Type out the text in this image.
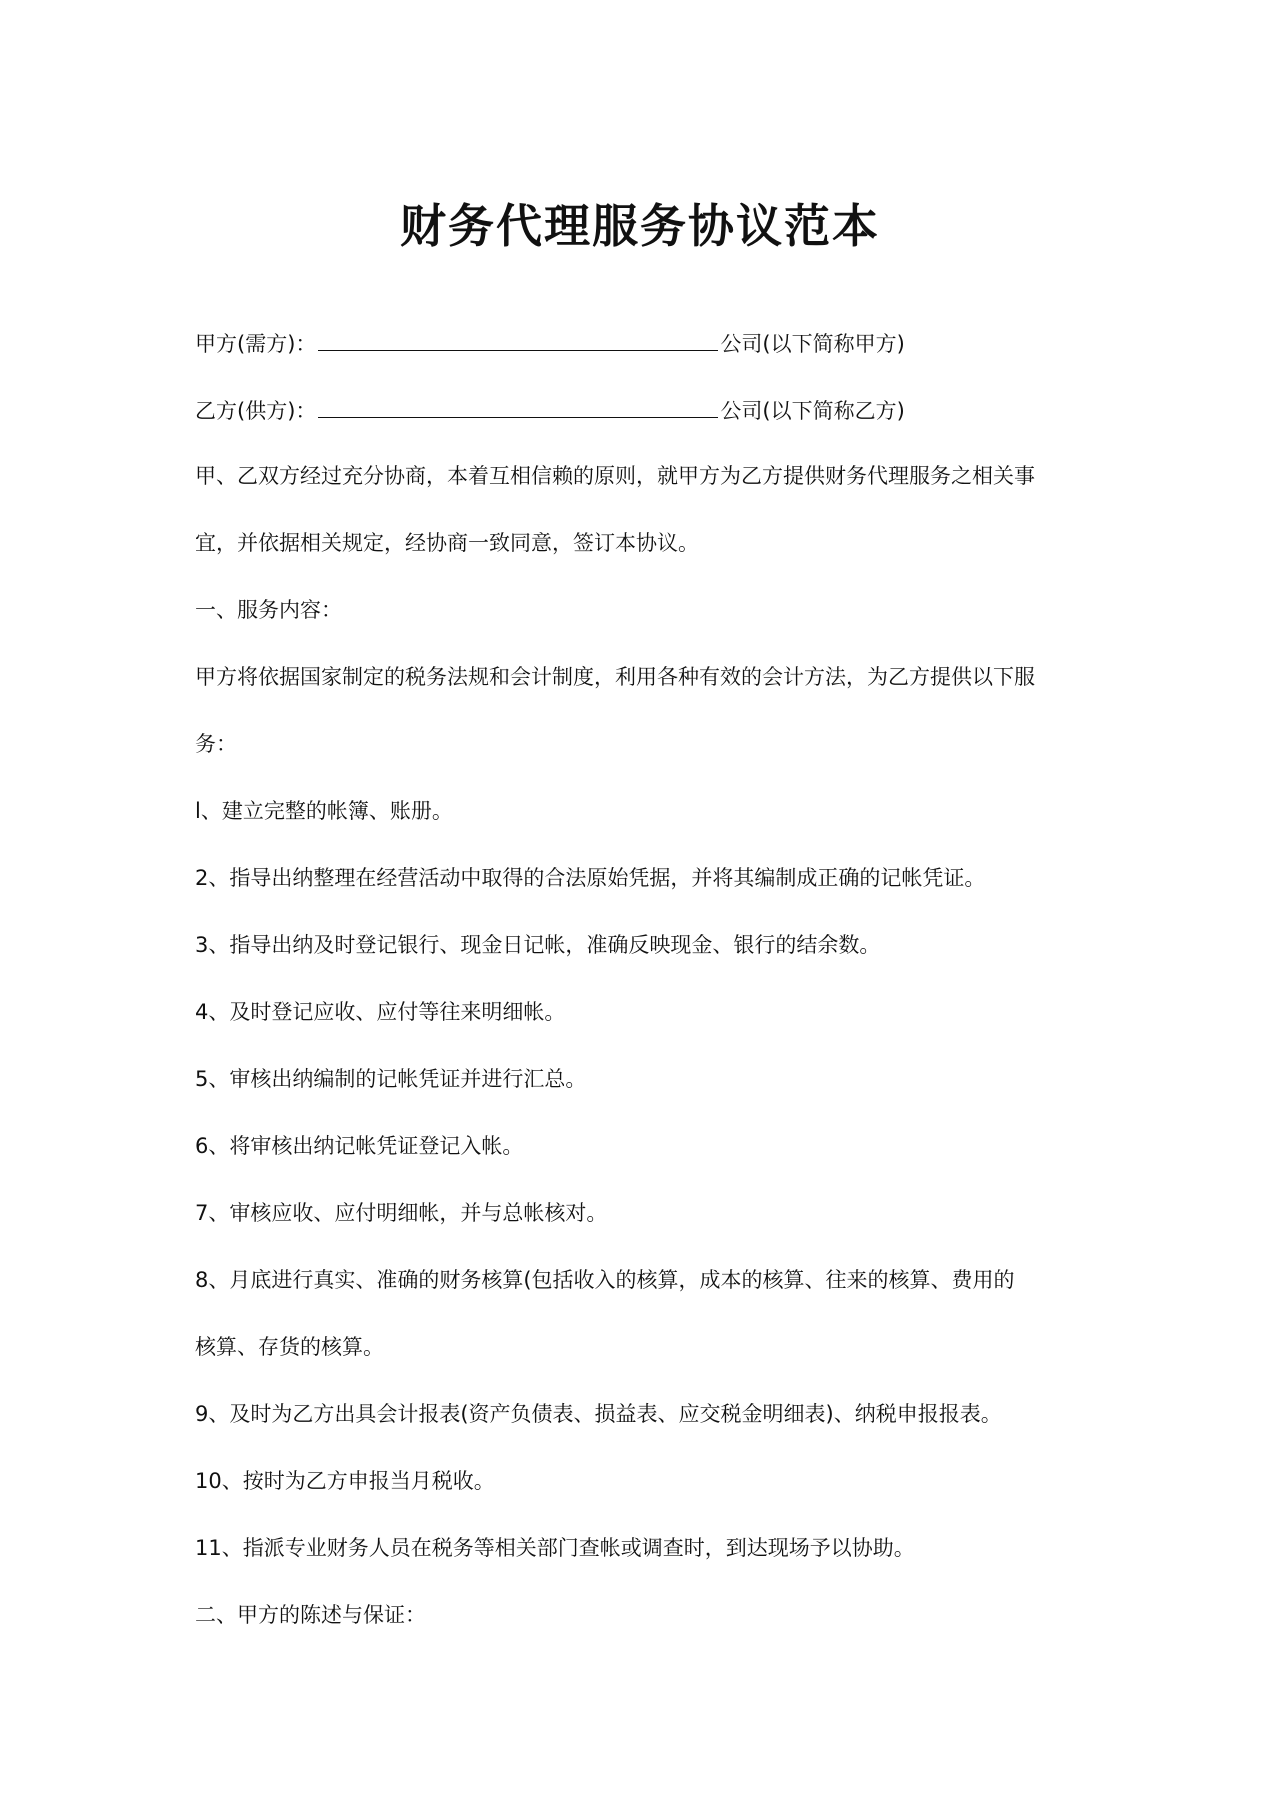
财务代理服务协议范本

甲方(需方)：	公司(以下简称甲方)

乙方(供方)：	公司(以下简称乙方)

甲、乙双方经过充分协商，本着互相信赖的原则，就甲方为乙方提供财务代理服务之相关事

宜，并依据相关规定，经协商一致同意，签订本协议。

一、服务内容：

甲方将依据国家制定的税务法规和会计制度，利用各种有效的会计方法，为乙方提供以下服

务：

l、建立完整的帐簿、账册。

2、指导出纳整理在经营活动中取得的合法原始凭据，并将其编制成正确的记帐凭证。

3、指导出纳及时登记银行、现金日记帐，准确反映现金、银行的结余数。

4、及时登记应收、应付等往来明细帐。

5、审核出纳编制的记帐凭证并进行汇总。

6、将审核出纳记帐凭证登记入帐。

7、审核应收、应付明细帐，并与总帐核对。

8、月底进行真实、准确的财务核算(包括收入的核算，成本的核算、往来的核算、费用的

核算、存货的核算。

9、及时为乙方出具会计报表(资产负债表、损益表、应交税金明细表)、纳税申报报表。

10、按时为乙方申报当月税收。

11、指派专业财务人员在税务等相关部门查帐或调查时，到达现场予以协助。

二、甲方的陈述与保证：
